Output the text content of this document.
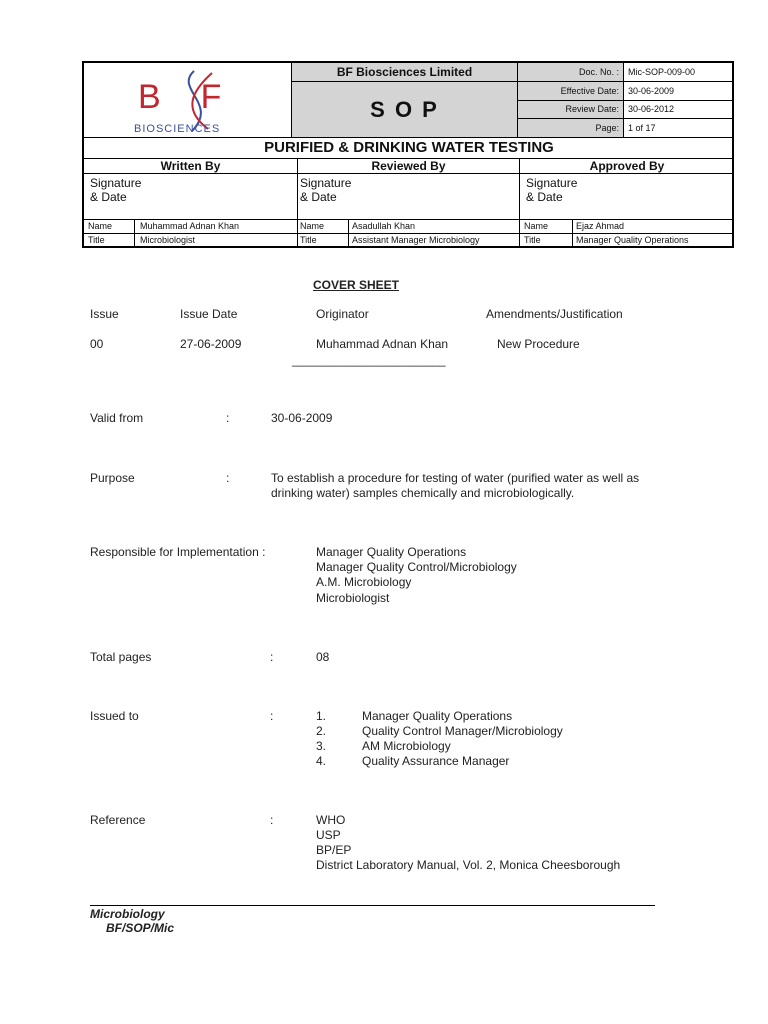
BF
BIOSCIENCES
BF Biosciences Limited
S O P
Doc. No. :	Mic-SOP-009-00
Effective Date:	30-06-2009
Review Date:	30-06-2012
Page:	1 of 17
PURIFIED & DRINKING WATER TESTING
Written By	Reviewed By	Approved By
Signature
& Date
Signature
& Date
Signature
& Date
Name	Muhammad Adnan Khan
Title	Microbiologist
Name	Asadullah Khan
Title	Assistant Manager Microbiology
Name	Ejaz Ahmad
Title	Manager Quality Operations
COVER SHEET
Issue	Issue Date	Originator	Amendments/Justification
00	27-06-2009	Muhammad Adnan Khan	New Procedure
_______________________
Valid from	:	30-06-2009
Purpose	:	To establish a procedure for testing of water (purified water as well as drinking water) samples chemically and microbiologically.
Responsible for Implementation :	Manager Quality Operations
Manager Quality Control/Microbiology
A.M. Microbiology
Microbiologist
Total pages	:	08
Issued to	:	1.	Manager Quality Operations
2.	Quality Control Manager/Microbiology
3.	AM Microbiology
4.	Quality Assurance Manager
Reference	:	WHO
USP
BP/EP
District Laboratory Manual, Vol. 2, Monica Cheesborough
Microbiology
BF/SOP/Mic
